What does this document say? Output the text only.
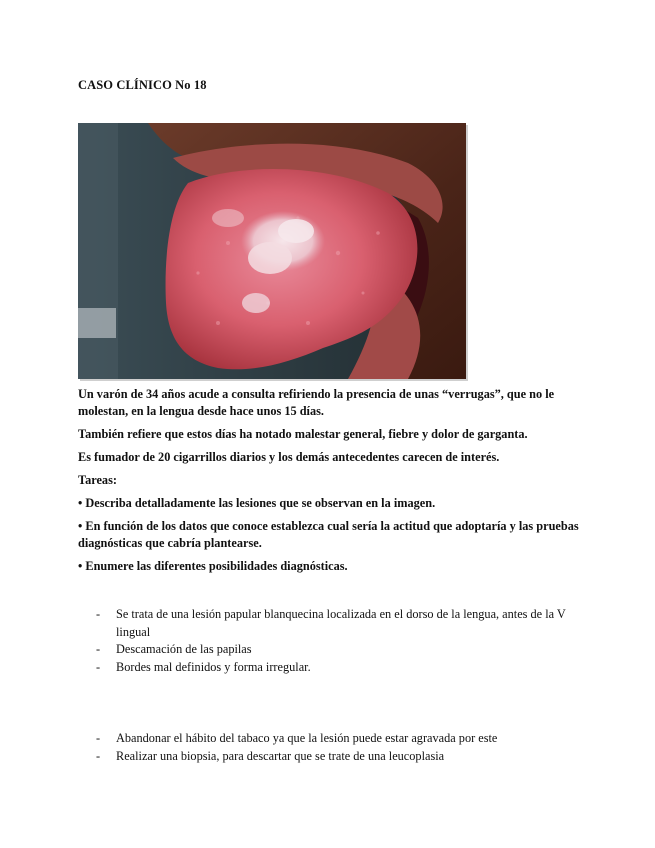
CASO CLÍNICO No 18

Un varón de 34 años acude a consulta refiriendo la presencia de unas “verrugas”, que no le molestan, en la lengua desde hace unos 15 días.

También refiere que estos días ha notado malestar general, fiebre y dolor de garganta.

Es fumador de 20 cigarrillos diarios y los demás antecedentes carecen de interés.

Tareas:

• Describa detalladamente las lesiones que se observan en la imagen.

• En función de los datos que conoce establezca cual sería la actitud que adoptaría y las pruebas diagnósticas que cabría plantearse.

• Enumere las diferentes posibilidades diagnósticas.

- Se trata de una lesión papular blanquecina localizada en el dorso de la lengua, antes de la V lingual
- Descamación de las papilas
- Bordes mal definidos y forma irregular.
- Abandonar el hábito del tabaco ya que la lesión puede estar agravada por este
- Realizar una biopsia, para descartar que se trate de una leucoplasia
